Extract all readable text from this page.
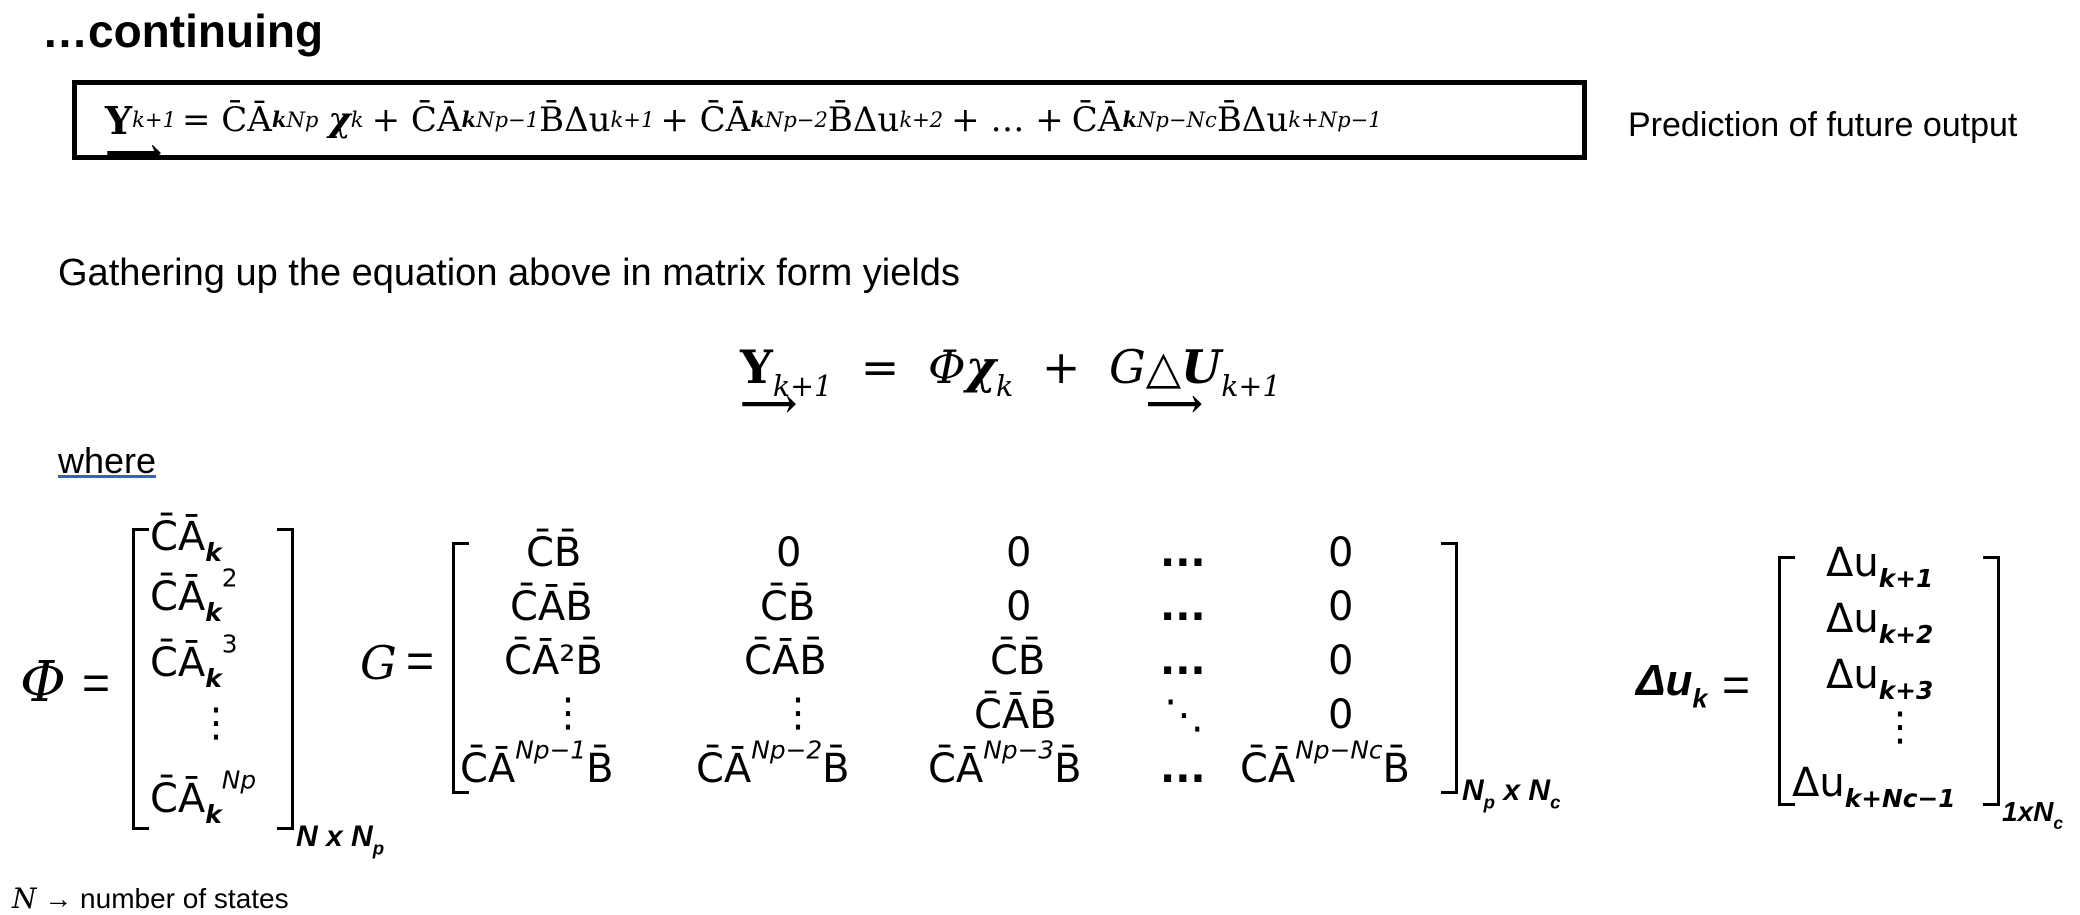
…continuing
Y ⟶ k+1 = C̄Ā k Np χ k + C̄Ā k Np−1 B̄Δu k+1 + C̄Ā k Np−2 B̄Δu k+2 + … + C̄Ā k Np−Nc B̄Δu k+Np−1	Prediction of future output
Gathering up the equation above in matrix form yields
Y $⟶_{k+1} = \Phi\chi_k$ + G△U $⟶_{k+1}$
where
Φ =
$C̄Ā_k$
$C̄Ā_k^2$
$C̄Ā_k^3$
⋮
$C̄Ā_k^{Np}$
N x $N_p$
G =
C̄B̄	0	0	...	0
C̄ĀB̄	C̄B̄	0	...	0
C̄Ā²B̄	C̄ĀB̄	C̄B̄	...	0
⋮	⋮	C̄ĀB̄	⋱	0
$C̄Ā^{Np-1}B̄$ $C̄Ā^{Np-2}B̄$ $C̄Ā^{Np-3}B̄$ ... $C̄Ā^{Np-Nc}B̄$ $N_p$ x $N_c$
$\Delta u_k$ =
$\Delta u_{k+1}$
$\Delta u_{k+2}$
$\Delta u_{k+3}$
⋮
$\Delta u_{k+Nc-1}$ $1xN_c$
N → number of states
